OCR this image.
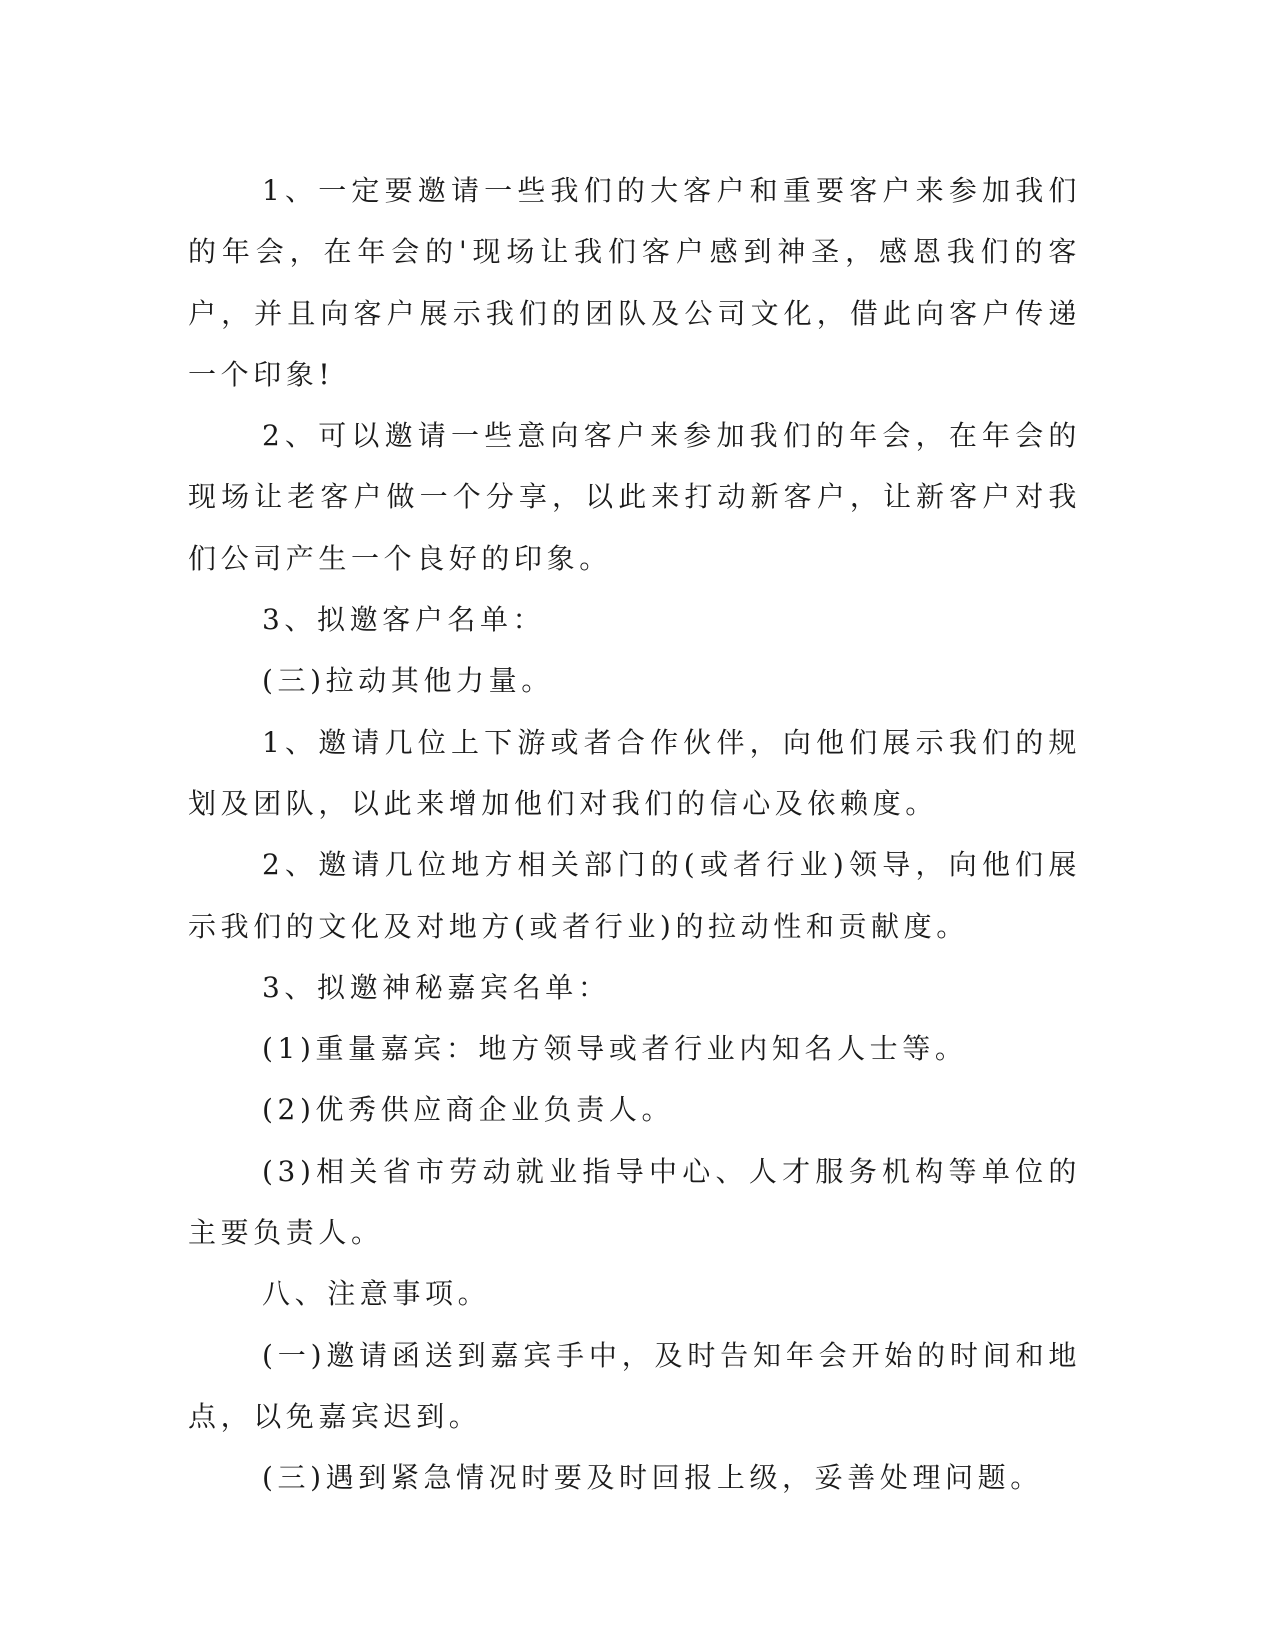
1、一定要邀请一些我们的大客户和重要客户来参加我们的年会，在年会的'现场让我们客户感到神圣，感恩我们的客户，并且向客户展示我们的团队及公司文化，借此向客户传递一个印象!

2、可以邀请一些意向客户来参加我们的年会，在年会的现场让老客户做一个分享，以此来打动新客户，让新客户对我们公司产生一个良好的印象。

3、拟邀客户名单：

(三)拉动其他力量。

1、邀请几位上下游或者合作伙伴，向他们展示我们的规划及团队，以此来增加他们对我们的信心及依赖度。

2、邀请几位地方相关部门的(或者行业)领导，向他们展示我们的文化及对地方(或者行业)的拉动性和贡献度。

3、拟邀神秘嘉宾名单：

(1)重量嘉宾：地方领导或者行业内知名人士等。

(2)优秀供应商企业负责人。

(3)相关省市劳动就业指导中心、人才服务机构等单位的主要负责人。

八、注意事项。

(一)邀请函送到嘉宾手中，及时告知年会开始的时间和地点，以免嘉宾迟到。

(三)遇到紧急情况时要及时回报上级，妥善处理问题。
